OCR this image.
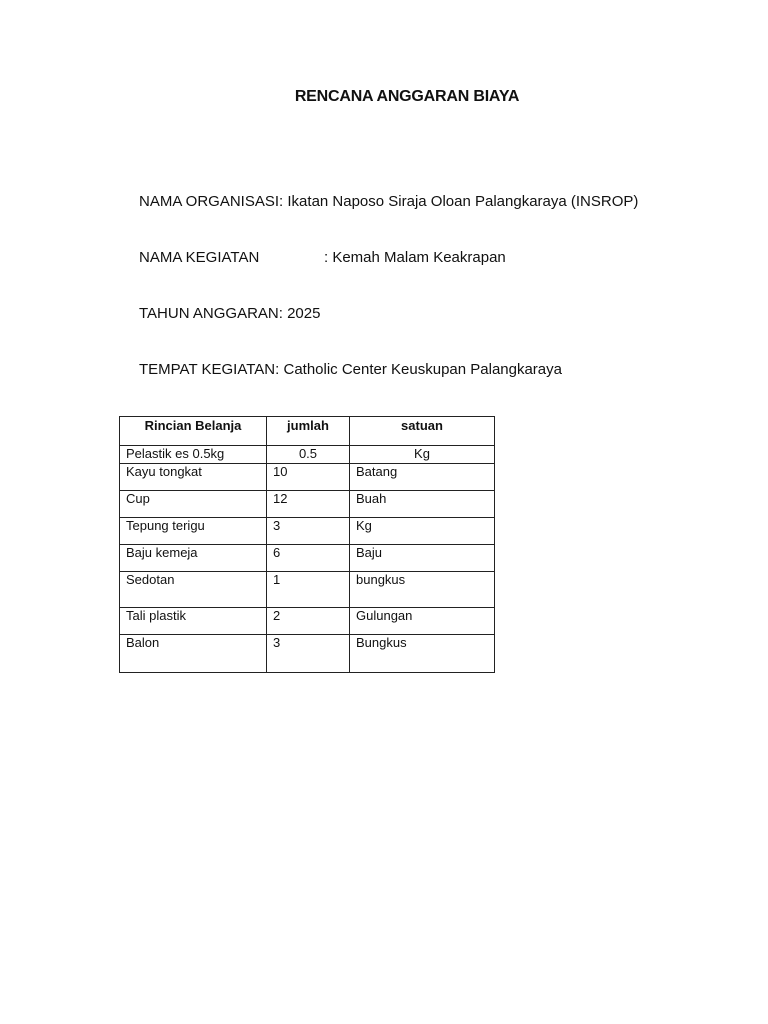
RENCANA ANGGARAN BIAYA
NAMA ORGANISASI: Ikatan Naposo Siraja Oloan Palangkaraya (INSROP)
NAMA KEGIATAN	: Kemah Malam Keakrapan
TAHUN ANGGARAN: 2025
TEMPAT KEGIATAN: Catholic Center Keuskupan Palangkaraya
Rincian Belanja	jumlah	satuan
Pelastik es 0.5kg	0.5	Kg
Kayu tongkat	10	Batang
Cup	12	Buah
Tepung terigu	3	Kg
Baju kemeja	6	Baju
Sedotan	1	bungkus
Tali plastik	2	Gulungan
Balon	3	Bungkus
